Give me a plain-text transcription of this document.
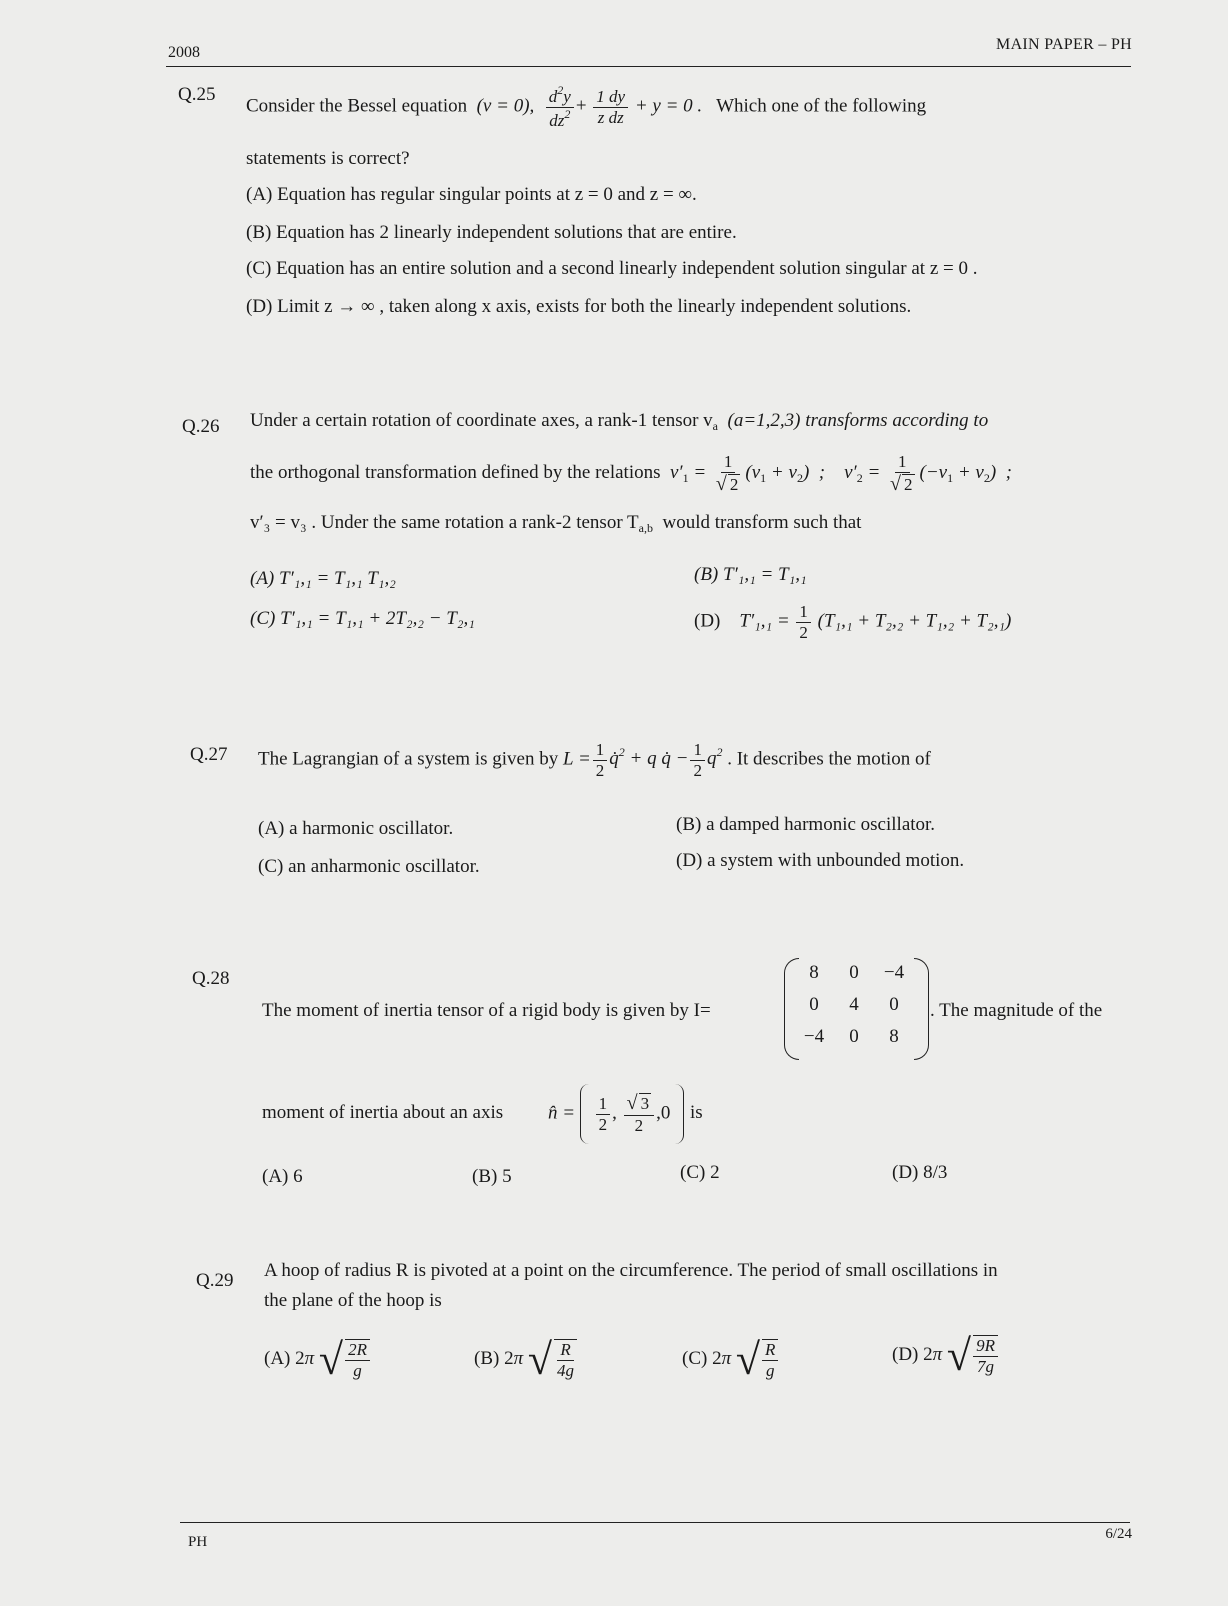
2008	MAIN PAPER – PH
Q.25
Consider the Bessel equation (ν = 0), $\frac{d^2y}{dz^2} + \frac{1 dy}{\text{z dz}} + y = 0$ . Which one of the following
statements is correct?
(A) Equation has regular singular points at z = 0 and z = ∞.
(B) Equation has 2 linearly independent solutions that are entire.
(C) Equation has an entire solution and a second linearly independent solution singular at z = 0 .
(D) Limit z → ∞ , taken along x axis, exists for both the linearly independent solutions.
Q.26 Under a certain rotation of coordinate axes, a rank-1 tensor $v_a$ (a=1,2,3) transforms according to
the orthogonal transformation defined by the relations  $v'_1 = \frac{1}{√ 2} (v_1 + v_2)$  ;    $v'_2 = \frac{1}{√ 2} (-v_1 + v_2)$  ;
v′₃ = v₃ . Under the same rotation a rank-2 tensor $T_{a,b}$ would transform such that
(A) T′₁,₁ = T₁,₁ T₁,₂	(B) T′₁,₁ = T₁,₁
(C) T′₁,₁ = T₁,₁ + 2T₂,₂ − T₂,₁	(D) $T'_1,_1 = \frac{1}{2} (T_1,_1 + T_2,_2 + T_1,_2 + T_2,_1)$
Q.27 The Lagrangian of a system is given by $L = \frac{1}{2}$ q̇$^2$ + q q̇ − $\frac{1}{2} q^2$ . It describes the motion of
(A) a harmonic oscillator.	(B) a damped harmonic oscillator.
(C) an anharmonic oscillator.	(D) a system with unbounded motion.
Q.28
The moment of inertia tensor of a rigid body is given by I=
8	0	−4
0	4	0
−4	0	8
. The magnitude of the
moment of inertia about an axis n̂ = $\frac{1}{2}$ , $\frac{√ 3}{2} ,0$ is
(A) 6	(B) 5	(C) 2	(D) 8/3
Q.29 A hoop of radius R is pivoted at a point on the circumference. The period of small oscillations in
the plane of the hoop is
(A) 2π √ $\frac{2R}{g}$	(B) 2π √ $\frac{R}{4g}$	(C) 2π √ $\frac{R}{g}$	(D) 2π √ $\frac{9R}{7g}$
PH	6/24
